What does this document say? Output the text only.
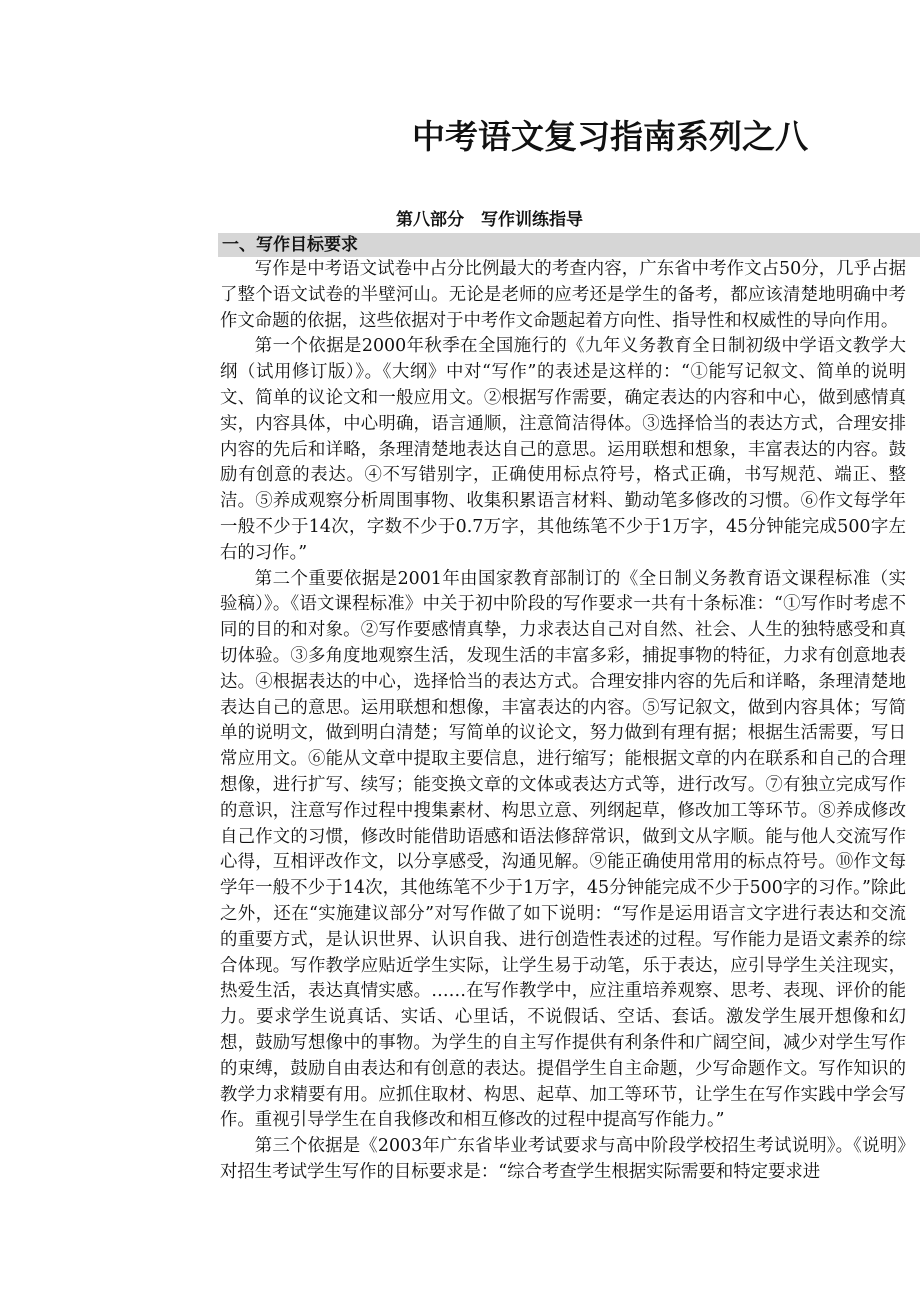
中考语文复习指南系列之八
第八部分　写作训练指导
一、写作目标要求

写作是中考语文试卷中占分比例最大的考查内容，广东省中考作文占50分，几乎占据了整个语文试卷的半壁河山。无论是老师的应考还是学生的备考，都应该清楚地明确中考作文命题的依据，这些依据对于中考作文命题起着方向性、指导性和权威性的导向作用。

第一个依据是2000年秋季在全国施行的《九年义务教育全日制初级中学语文教学大纲（试用修订版）》。《大纲》中对“写作”的表述是这样的：“①能写记叙文、简单的说明文、简单的议论文和一般应用文。②根据写作需要，确定表达的内容和中心，做到感情真实，内容具体，中心明确，语言通顺，注意简洁得体。③选择恰当的表达方式，合理安排内容的先后和详略，条理清楚地表达自己的意思。运用联想和想象，丰富表达的内容。鼓励有创意的表达。④不写错别字，正确使用标点符号，格式正确，书写规范、端正、整洁。⑤养成观察分析周围事物、收集积累语言材料、勤动笔多修改的习惯。⑥作文每学年一般不少于14次，字数不少于0.7万字，其他练笔不少于1万字，45分钟能完成500字左右的习作。”

第二个重要依据是2001年由国家教育部制订的《全日制义务教育语文课程标准（实验稿）》。《语文课程标准》中关于初中阶段的写作要求一共有十条标准：“①写作时考虑不同的目的和对象。②写作要感情真挚，力求表达自己对自然、社会、人生的独特感受和真切体验。③多角度地观察生活，发现生活的丰富多彩，捕捉事物的特征，力求有创意地表达。④根据表达的中心，选择恰当的表达方式。合理安排内容的先后和详略，条理清楚地表达自己的意思。运用联想和想像，丰富表达的内容。⑤写记叙文，做到内容具体；写简单的说明文，做到明白清楚；写简单的议论文，努力做到有理有据；根据生活需要，写日常应用文。⑥能从文章中提取主要信息，进行缩写；能根据文章的内在联系和自己的合理想像，进行扩写、续写；能变换文章的文体或表达方式等，进行改写。⑦有独立完成写作的意识，注意写作过程中搜集素材、构思立意、列纲起草，修改加工等环节。⑧养成修改自己作文的习惯，修改时能借助语感和语法修辞常识，做到文从字顺。能与他人交流写作心得，互相评改作文，以分享感受，沟通见解。⑨能正确使用常用的标点符号。⑩作文每学年一般不少于14次，其他练笔不少于1万字，45分钟能完成不少于500字的习作。”除此之外，还在“实施建议部分”对写作做了如下说明：“写作是运用语言文字进行表达和交流的重要方式，是认识世界、认识自我、进行创造性表述的过程。写作能力是语文素养的综合体现。写作教学应贴近学生实际，让学生易于动笔，乐于表达，应引导学生关注现实，热爱生活，表达真情实感。……在写作教学中，应注重培养观察、思考、表现、评价的能力。要求学生说真话、实话、心里话，不说假话、空话、套话。激发学生展开想像和幻想，鼓励写想像中的事物。为学生的自主写作提供有利条件和广阔空间，减少对学生写作的束缚，鼓励自由表达和有创意的表达。提倡学生自主命题，少写命题作文。写作知识的教学力求精要有用。应抓住取材、构思、起草、加工等环节，让学生在写作实践中学会写作。重视引导学生在自我修改和相互修改的过程中提高写作能力。”

第三个依据是《2003年广东省毕业考试要求与高中阶段学校招生考试说明》。《说明》对招生考试学生写作的目标要求是：“综合考查学生根据实际需要和特定要求进
